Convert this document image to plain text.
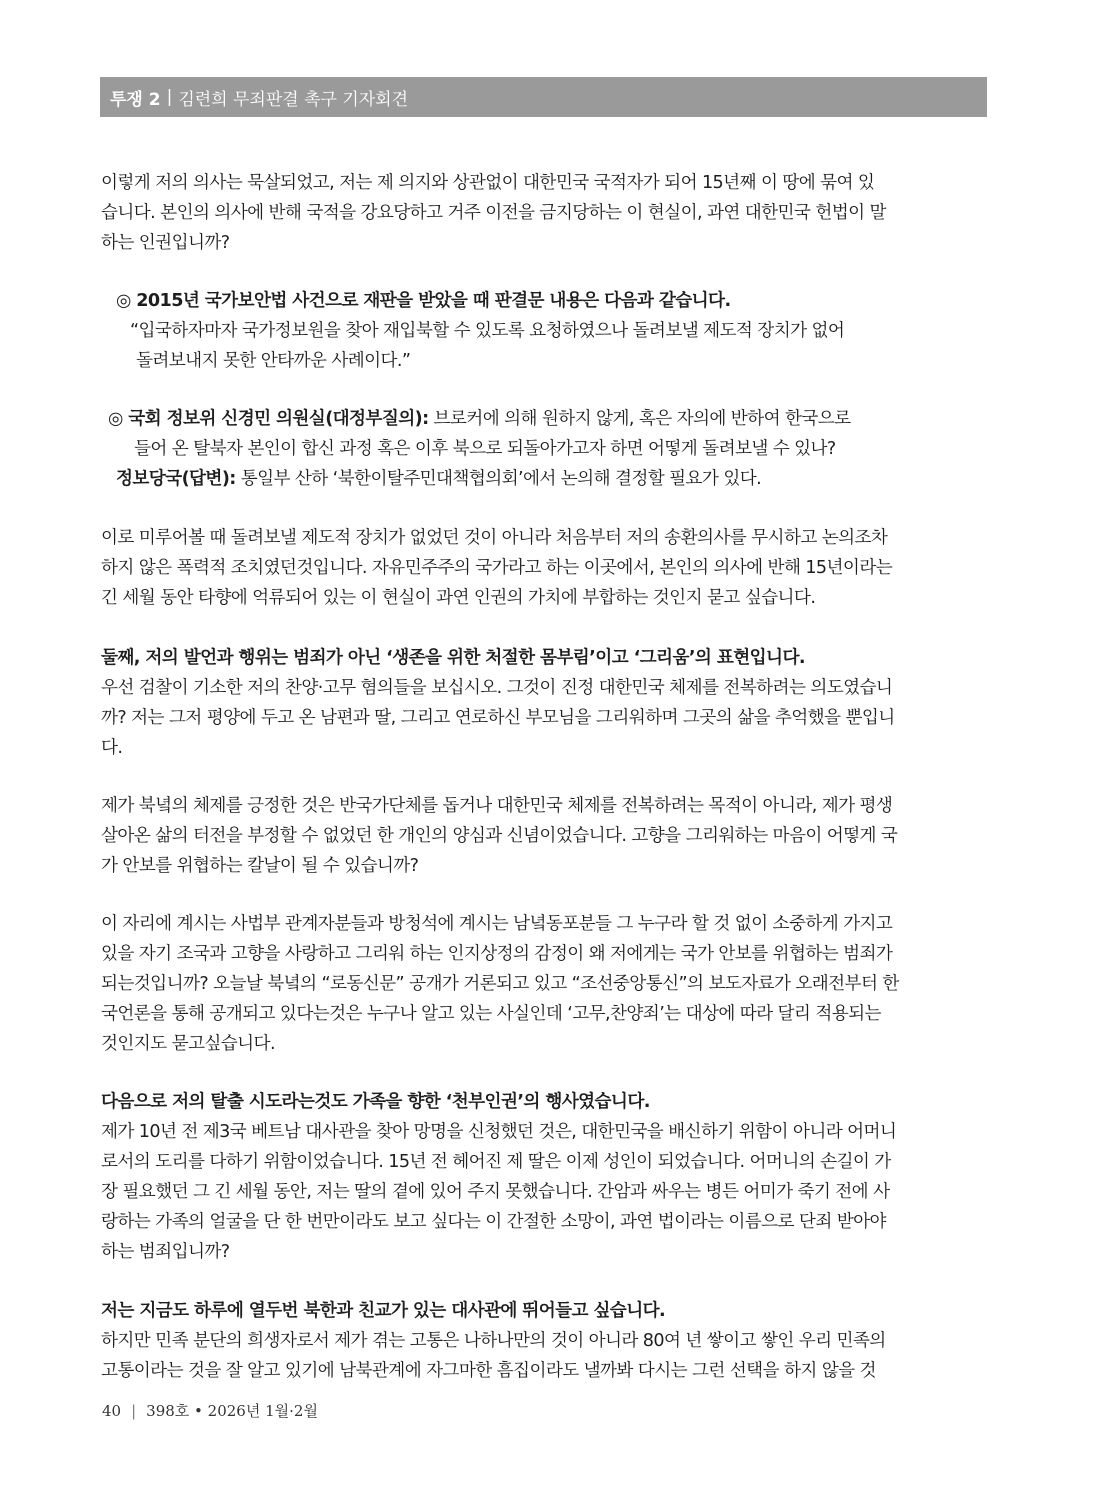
투쟁 2 | 김련희 무죄판결 촉구 기자회견

이렇게 저의 의사는 묵살되었고, 저는 제 의지와 상관없이 대한민국 국적자가 되어 15년째 이 땅에 묶여 있

습니다. 본인의 의사에 반해 국적을 강요당하고 거주 이전을 금지당하는 이 현실이, 과연 대한민국 헌법이 말

하는 인권입니까?

◎ 2015년 국가보안법 사건으로 재판을 받았을 때 판결문 내용은 다음과 같습니다.

“입국하자마자 국가정보원을 찾아 재입북할 수 있도록 요청하였으나 돌려보낼 제도적 장치가 없어

돌려보내지 못한 안타까운 사례이다.”

◎ 국회 정보위 신경민 의원실(대정부질의): 브로커에 의해 원하지 않게, 혹은 자의에 반하여 한국으로

들어 온 탈북자 본인이 합신 과정 혹은 이후 북으로 되돌아가고자 하면 어떻게 돌려보낼 수 있나?

정보당국(답변): 통일부 산하 ‘북한이탈주민대책협의회’에서 논의해 결정할 필요가 있다.

이로 미루어볼 때 돌려보낼 제도적 장치가 없었던 것이 아니라 처음부터 저의 송환의사를 무시하고 논의조차

하지 않은 폭력적 조치였던것입니다. 자유민주주의 국가라고 하는 이곳에서, 본인의 의사에 반해 15년이라는

긴 세월 동안 타향에 억류되어 있는 이 현실이 과연 인권의 가치에 부합하는 것인지 묻고 싶습니다.

둘째, 저의 발언과 행위는 범죄가 아닌 ‘생존을 위한 처절한 몸부림’이고 ‘그리움’의 표현입니다.

우선 검찰이 기소한 저의 찬양·고무 혐의들을 보십시오. 그것이 진정 대한민국 체제를 전복하려는 의도였습니

까? 저는 그저 평양에 두고 온 남편과 딸, 그리고 연로하신 부모님을 그리워하며 그곳의 삶을 추억했을 뿐입니

다.

제가 북녘의 체제를 긍정한 것은 반국가단체를 돕거나 대한민국 체제를 전복하려는 목적이 아니라, 제가 평생

살아온 삶의 터전을 부정할 수 없었던 한 개인의 양심과 신념이었습니다. 고향을 그리워하는 마음이 어떻게 국

가 안보를 위협하는 칼날이 될 수 있습니까?

이 자리에 계시는 사법부 관계자분들과 방청석에 계시는 남녘동포분들 그 누구라 할 것 없이 소중하게 가지고

있을 자기 조국과 고향을 사랑하고 그리워 하는 인지상정의 감정이 왜 저에게는 국가 안보를 위협하는 범죄가

되는것입니까? 오늘날 북녘의 “로동신문” 공개가 거론되고 있고 “조선중앙통신”의 보도자료가 오래전부터 한

국언론을 통해 공개되고 있다는것은 누구나 알고 있는 사실인데 ‘고무,찬양죄’는 대상에 따라 달리 적용되는

것인지도 묻고싶습니다.

다음으로 저의 탈출 시도라는것도 가족을 향한 ‘천부인권’의 행사였습니다.

제가 10년 전 제3국 베트남 대사관을 찾아 망명을 신청했던 것은, 대한민국을 배신하기 위함이 아니라 어머니

로서의 도리를 다하기 위함이었습니다. 15년 전 헤어진 제 딸은 이제 성인이 되었습니다. 어머니의 손길이 가

장 필요했던 그 긴 세월 동안, 저는 딸의 곁에 있어 주지 못했습니다. 간암과 싸우는 병든 어미가 죽기 전에 사

랑하는 가족의 얼굴을 단 한 번만이라도 보고 싶다는 이 간절한 소망이, 과연 법이라는 이름으로 단죄 받아야

하는 범죄입니까?

저는 지금도 하루에 열두번 북한과 친교가 있는 대사관에 뛰어들고 싶습니다.

하지만 민족 분단의 희생자로서 제가 겪는 고통은 나하나만의 것이 아니라 80여 년 쌓이고 쌓인 우리 민족의

고통이라는 것을 잘 알고 있기에 남북관계에 자그마한 흠집이라도 낼까봐 다시는 그런 선택을 하지 않을 것

40 | 398호 • 2026년 1월·2월
